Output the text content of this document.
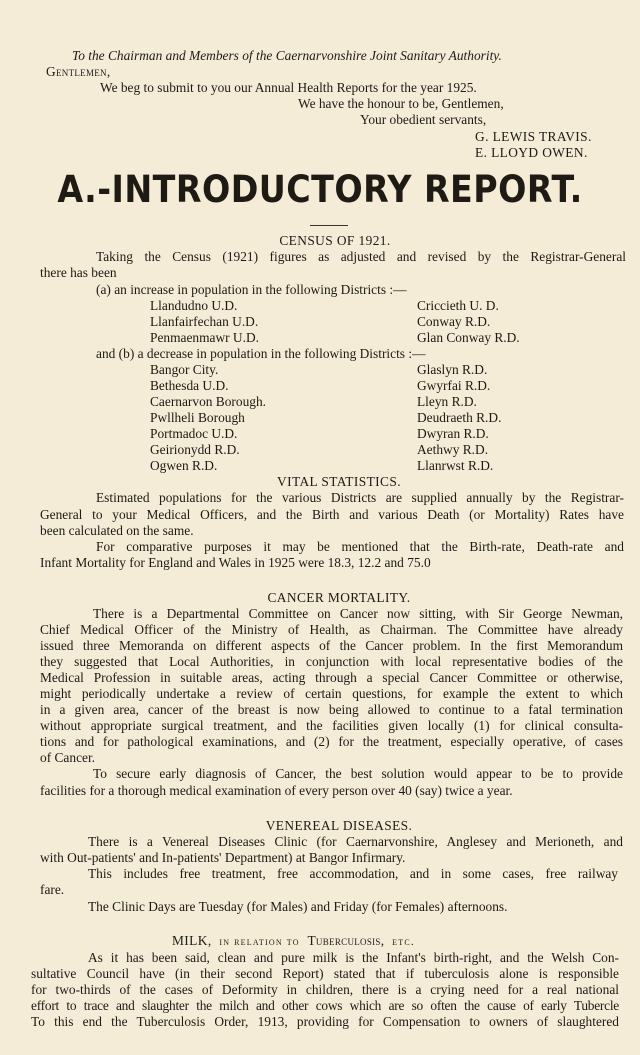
To the Chairman and Members of the Caernarvonshire Joint Sanitary Authority.
Gentlemen,
We beg to submit to you our Annual Health Reports for the year 1925.
We have the honour to be, Gentlemen,
Your obedient servants,
G. LEWIS TRAVIS.
E. LLOYD OWEN.
A.-INTRODUCTORY REPORT.
CENSUS OF 1921.
Taking the Census (1921) figures as adjusted and revised by the Registrar-General
there has been
(a) an increase in population in the following Districts :—
Llandudno U.D.
Llanfairfechan U.D.
Penmaenmawr U.D.
Criccieth U. D.
Conway R.D.
Glan Conway R.D.
and (b) a decrease in population in the following Districts :—
Bangor City.
Bethesda U.D.
Caernarvon Borough.
Pwllheli Borough
Portmadoc U.D.
Geirionydd R.D.
Ogwen R.D.
Glaslyn R.D.
Gwyrfai R.D.
Lleyn R.D.
Deudraeth R.D.
Dwyran R.D.
Aethwy R.D.
Llanrwst R.D.
VITAL STATISTICS.
Estimated populations for the various Districts are supplied annually by the Registrar-
General to your Medical Officers, and the Birth and various Death (or Mortality) Rates have
been calculated on the same.
For comparative purposes it may be mentioned that the Birth-rate, Death-rate and
Infant Mortality for England and Wales in 1925 were 18.3, 12.2 and 75.0
CANCER MORTALITY.
There is a Departmental Committee on Cancer now sitting, with Sir George Newman,
Chief Medical Officer of the Ministry of Health, as Chairman. The Committee have already
issued three Memoranda on different aspects of the Cancer problem. In the first Memorandum
they suggested that Local Authorities, in conjunction with local representative bodies of the
Medical Profession in suitable areas, acting through a special Cancer Committee or otherwise,
might periodically undertake a review of certain questions, for example the extent to which
in a given area, cancer of the breast is now being allowed to continue to a fatal termination
without appropriate surgical treatment, and the facilities given locally (1) for clinical consulta-
tions and for pathological examinations, and (2) for the treatment, especially operative, of cases
of Cancer.
To secure early diagnosis of Cancer, the best solution would appear to be to provide
facilities for a thorough medical examination of every person over 40 (say) twice a year.
VENEREAL DISEASES.
There is a Venereal Diseases Clinic (for Caernarvonshire, Anglesey and Merioneth, and
with Out-patients' and In-patients' Department) at Bangor Infirmary.
This includes free treatment, free accommodation, and in some cases, free railway
fare.
The Clinic Days are Tuesday (for Males) and Friday (for Females) afternoons.
MILK, in relation to Tuberculosis, etc.
As it has been said, clean and pure milk is the Infant's birth-right, and the Welsh Con-
sultative Council have (in their second Report) stated that if tuberculosis alone is responsible
for two-thirds of the cases of Deformity in children, there is a crying need for a real national
effort to trace and slaughter the milch and other cows which are so often the cause of early Tubercle
To this end the Tuberculosis Order, 1913, providing for Compensation to owners of slaughtered
